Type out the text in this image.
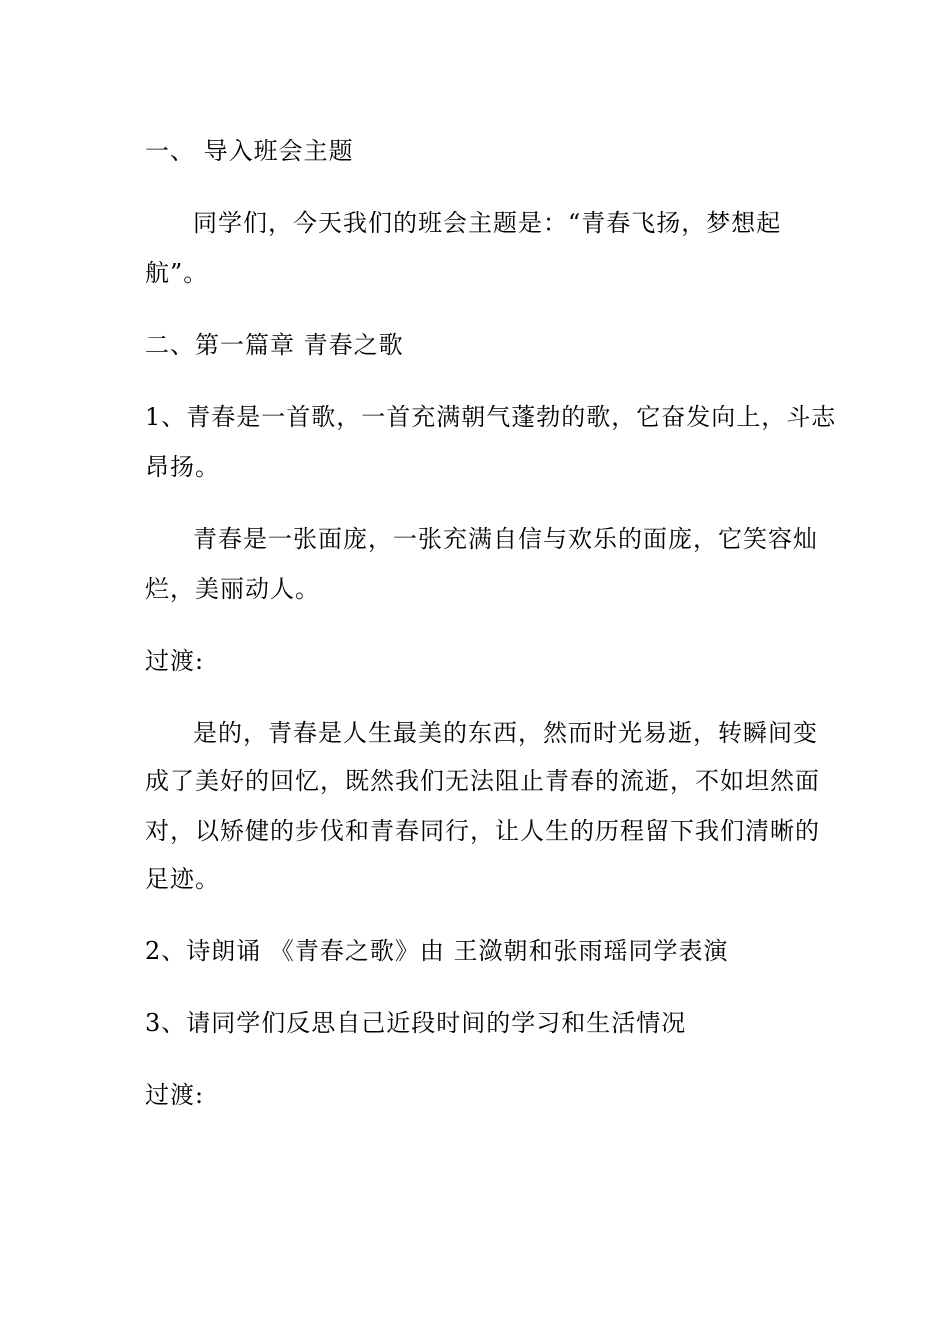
一、 导入班会主题
同学们，今天我们的班会主题是：“青春飞扬，梦想起
航”。
二、第一篇章 青春之歌
1、青春是一首歌，一首充满朝气蓬勃的歌，它奋发向上，斗志
昂扬。
青春是一张面庞，一张充满自信与欢乐的面庞，它笑容灿
烂，美丽动人。
过渡:
是的，青春是人生最美的东西，然而时光易逝，转瞬间变
成了美好的回忆，既然我们无法阻止青春的流逝，不如坦然面
对，以矫健的步伐和青春同行，让人生的历程留下我们清晰的
足迹。
2、诗朗诵 《青春之歌》由 王潋朝和张雨瑶同学表演
3、请同学们反思自己近段时间的学习和生活情况
过渡:
